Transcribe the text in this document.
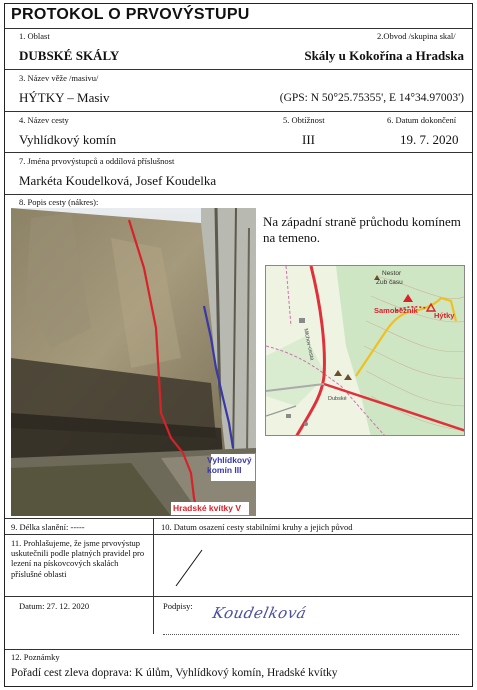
PROTOKOL O PRVOVÝSTUPU
1. Oblast	2.Obvod /skupina skal/
DUBSKÉ SKÁLY	Skály u Kokořína a Hradska
3. Název věže /masivu/
HÝTKY – Masiv	(GPS: N 50°25.75355', E 14°34.97003')
4. Název cesty	5. Obtížnost	6. Datum dokončení
Vyhlídkový komín	III	19. 7. 2020
7. Jména prvovýstupců a oddílová příslušnost
Markéta Koudelková, Josef Koudelka
8. Popis cesty (nákres):
Vyhlídkový komín III
Hradské kvítky V
Na západní straně průchodu komínem na temeno.
Nestor
Zub času
Samoběžník
Hýtky
Mlchov-cesta
Dubské
9. Délka slanění: -----	10. Datum osazení cesty stabilními kruhy a jejich původ
11. Prohlašujeme, že jsme prvovýstup uskutečnili podle platných pravidel pro lezení na pískovcových skalách příslušné oblasti
Datum: 27. 12. 2020	Podpisy: Koudelková
12. Poznámky
Pořadí cest zleva doprava: K úlům, Vyhlídkový komín, Hradské kvítky
